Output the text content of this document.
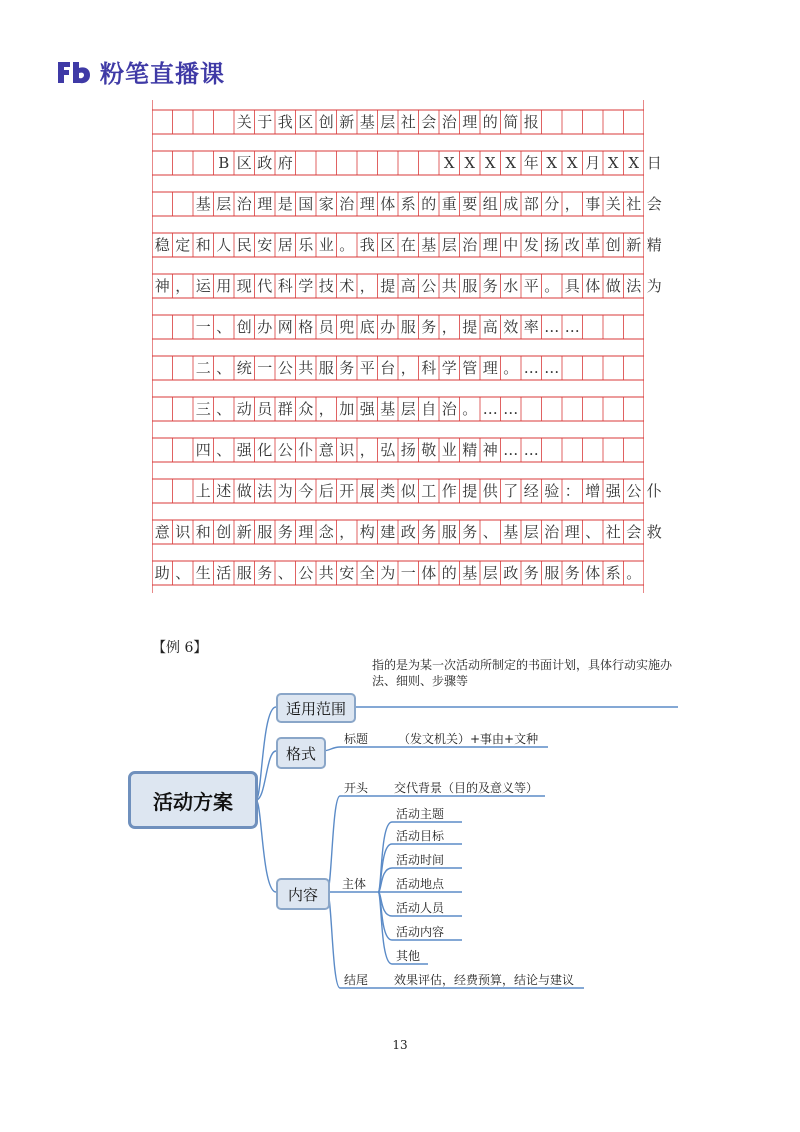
粉笔直播课
关 于 我 区 创 新 基 层 社 会 治 理 的 简 报
B 区 政 府	X X X X 年 X X 月 X X 日
基 层 治 理 是 国 家 治 理 体 系 的 重 要 组 成 部 分 ， 事 关 社 会
稳 定 和 人 民 安 居 乐 业 。 我 区 在 基 层 治 理 中 发 扬 改 革 创 新 精
神 ， 运 用 现 代 科 学 技 术 ， 提 高 公 共 服 务 水 平 。 具 体 做 法 为
一 、 创 办 网 格 员 兜 底 办 服 务 ， 提 高 效 率 … …
二 、 统 一 公 共 服 务 平 台 ， 科 学 管 理 。 … …
三 、 动 员 群 众 ， 加 强 基 层 自 治 。 … …
四 、 强 化 公 仆 意 识 ， 弘 扬 敬 业 精 神 … …
上 述 做 法 为 今 后 开 展 类 似 工 作 提 供 了 经 验 ： 增 强 公 仆
意 识 和 创 新 服 务 理 念 ， 构 建 政 务 服 务 、 基 层 治 理 、 社 会 救
助 、 生 活 服 务 、 公 共 安 全 为 一 体 的 基 层 政 务 服 务 体 系 。
【例 6】
活动方案
适用范围
指的是为某一次活动所制定的书面计划，具体行动实施办法、细则、步骤等
格式
标题 （发文机关）+事由+文种
内容
开头 交代背景（目的及意义等）
主体
活动主题
活动目标
活动时间
活动地点
活动人员
活动内容
其他
结尾 效果评估，经费预算，结论与建议
13
